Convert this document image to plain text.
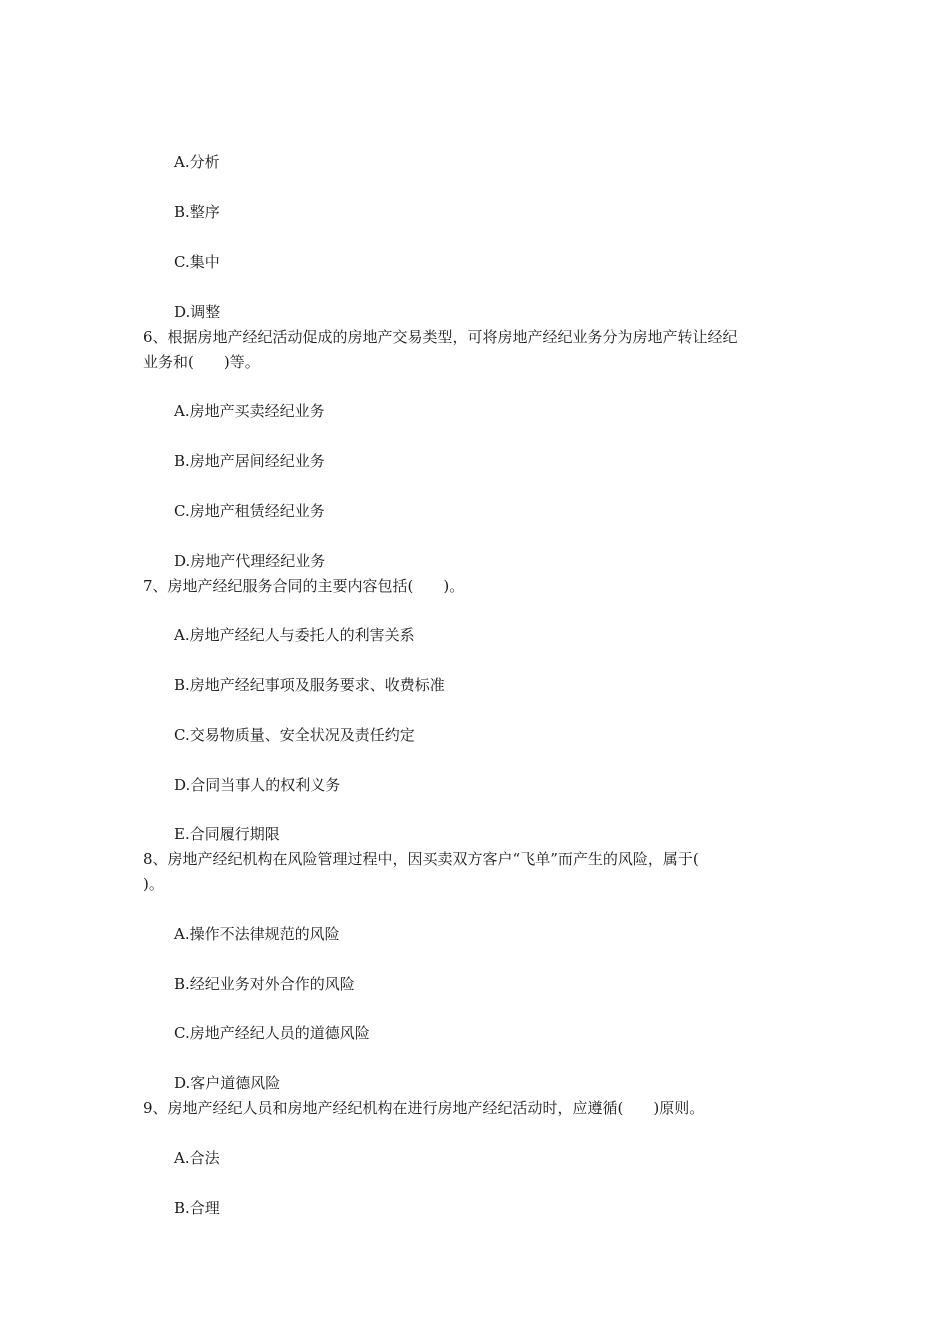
A.分析
B.整序
C.集中
D.调整
6、根据房地产经纪活动促成的房地产交易类型，可将房地产经纪业务分为房地产转让经纪
业务和(　　)等。
A.房地产买卖经纪业务
B.房地产居间经纪业务
C.房地产租赁经纪业务
D.房地产代理经纪业务
7、房地产经纪服务合同的主要内容包括(　　)。
A.房地产经纪人与委托人的利害关系
B.房地产经纪事项及服务要求、收费标准
C.交易物质量、安全状况及责任约定
D.合同当事人的权利义务
E.合同履行期限
8、房地产经纪机构在风险管理过程中，因买卖双方客户“飞单”而产生的风险，属于(
)。
A.操作不法律规范的风险
B.经纪业务对外合作的风险
C.房地产经纪人员的道德风险
D.客户道德风险
9、房地产经纪人员和房地产经纪机构在进行房地产经纪活动时，应遵循(　　)原则。
A.合法
B.合理
